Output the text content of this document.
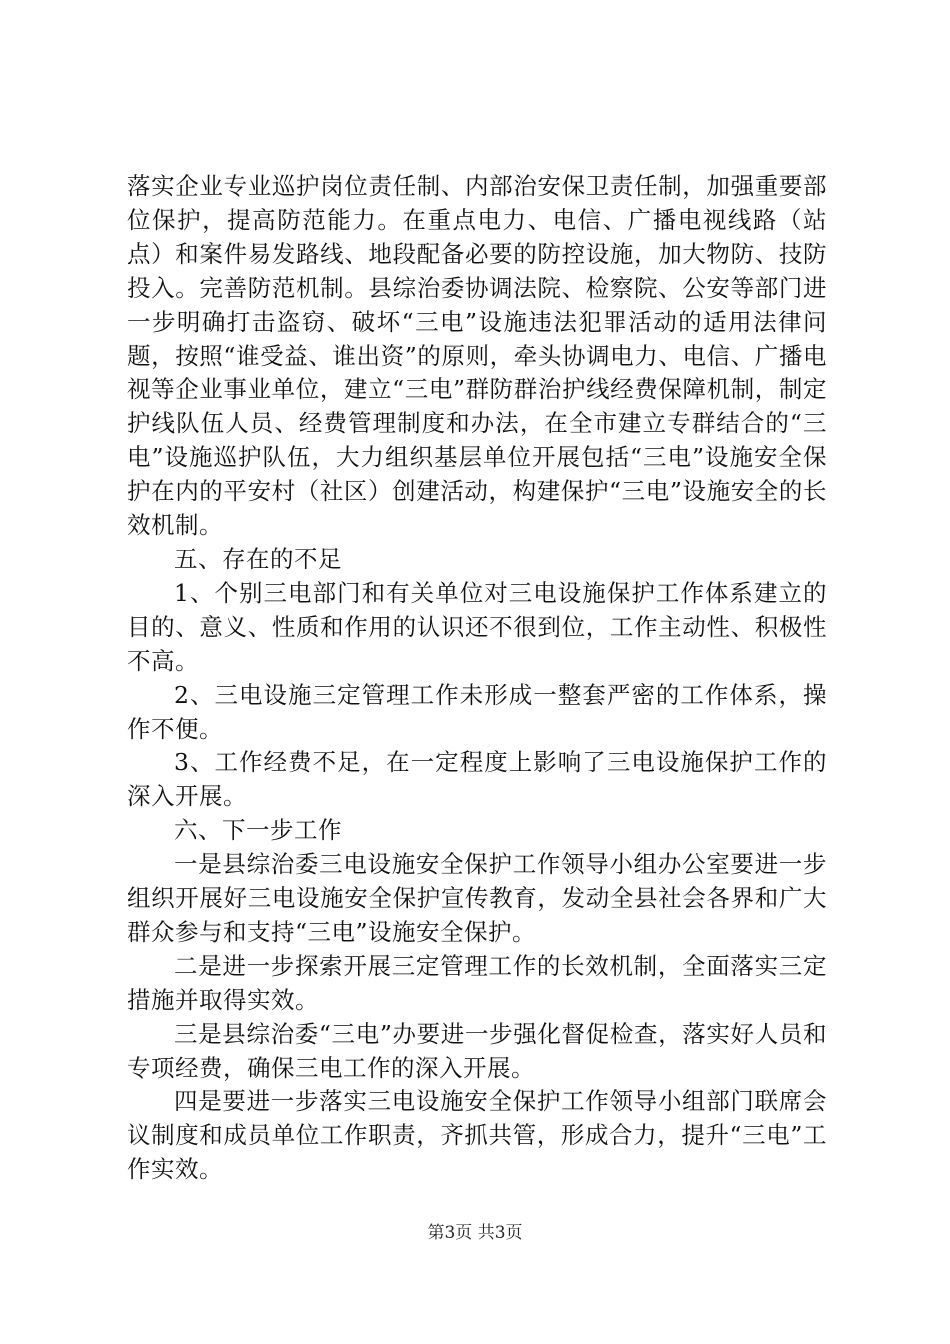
落实企业专业巡护岗位责任制、内部治安保卫责任制，加强重要部位保护，提高防范能力。在重点电力、电信、广播电视线路（站点）和案件易发路线、地段配备必要的防控设施，加大物防、技防投入。完善防范机制。县综治委协调法院、检察院、公安等部门进一步明确打击盗窃、破坏“三电”设施违法犯罪活动的适用法律问题，按照“谁受益、谁出资”的原则，牵头协调电力、电信、广播电视等企业事业单位，建立“三电”群防群治护线经费保障机制，制定护线队伍人员、经费管理制度和办法，在全市建立专群结合的“三电”设施巡护队伍，大力组织基层单位开展包括“三电”设施安全保护在内的平安村（社区）创建活动，构建保护“三电”设施安全的长效机制。

五、存在的不足

1、个别三电部门和有关单位对三电设施保护工作体系建立的目的、意义、性质和作用的认识还不很到位，工作主动性、积极性不高。

2、三电设施三定管理工作未形成一整套严密的工作体系，操作不便。

3、工作经费不足，在一定程度上影响了三电设施保护工作的深入开展。

六、下一步工作

一是县综治委三电设施安全保护工作领导小组办公室要进一步组织开展好三电设施安全保护宣传教育，发动全县社会各界和广大群众参与和支持“三电”设施安全保护。

二是进一步探索开展三定管理工作的长效机制，全面落实三定措施并取得实效。

三是县综治委“三电”办要进一步强化督促检查，落实好人员和专项经费，确保三电工作的深入开展。

四是要进一步落实三电设施安全保护工作领导小组部门联席会议制度和成员单位工作职责，齐抓共管，形成合力，提升“三电”工作实效。

第3页 共3页
